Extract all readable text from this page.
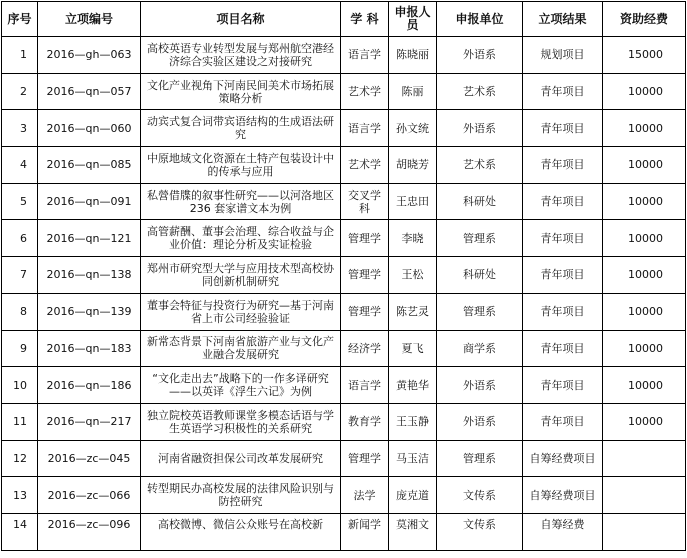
序号	立项编号	项目名称	学 科	申报人员	申报单位	立项结果	资助经费
1	2016—gh—063	高校英语专业转型发展与郑州航空港经济综合实验区建设之对接研究	语言学	陈晓丽	外语系	规划项目	15000
2	2016—qn—057	文化产业视角下河南民间美术市场拓展策略分析	艺术学	陈丽	艺术系	青年项目	10000
3	2016—qn—060	动宾式复合词带宾语结构的生成语法研究	语言学	孙文统	外语系	青年项目	10000
4	2016—qn—085	中原地域文化资源在土特产包装设计中的传承与应用	艺术学	胡晓芳	艺术系	青年项目	10000
5	2016—qn—091	私營借牒的叙事性研究——以河洛地区 236 套家谱文本为例	交叉学科	王忠田	科研处	青年项目	10000
6	2016—qn—121	高管薪酬、董事会治理、综合收益与企业价值：理论分析及实证检验	管理学	李晓	管理系	青年项目	10000
7	2016—qn—138	郑州市研究型大学与应用技术型高校协同创新机制研究	管理学	王松	科研处	青年项目	10000
8	2016—qn—139	董事会特征与投资行为研究—基于河南省上市公司经验验证	管理学	陈艺灵	管理系	青年项目	10000
9	2016—qn—183	新常态背景下河南省旅游产业与文化产业融合发展研究	经济学	夏飞	商学系	青年项目	10000
10	2016—qn—186	“文化走出去”战略下的一作多译研究——以英译《浮生六记》为例	语言学	黄艳华	外语系	青年项目	10000
11	2016—qn—217	独立院校英语教师课堂多模态话语与学生英语学习积极性的关系研究	教育学	王玉静	外语系	青年项目	10000
12	2016—zc—045	河南省融资担保公司改革发展研究	管理学	马玉洁	管理系	自筹经费项目	
13	2016—zc—066	转型期民办高校发展的法律风险识别与防控研究	法学	庞克道	文传系	自筹经费项目	
14	2016—zc—096	高校微博、微信公众账号在高校新	新闻学	莫湘文	文传系	自筹经费	
